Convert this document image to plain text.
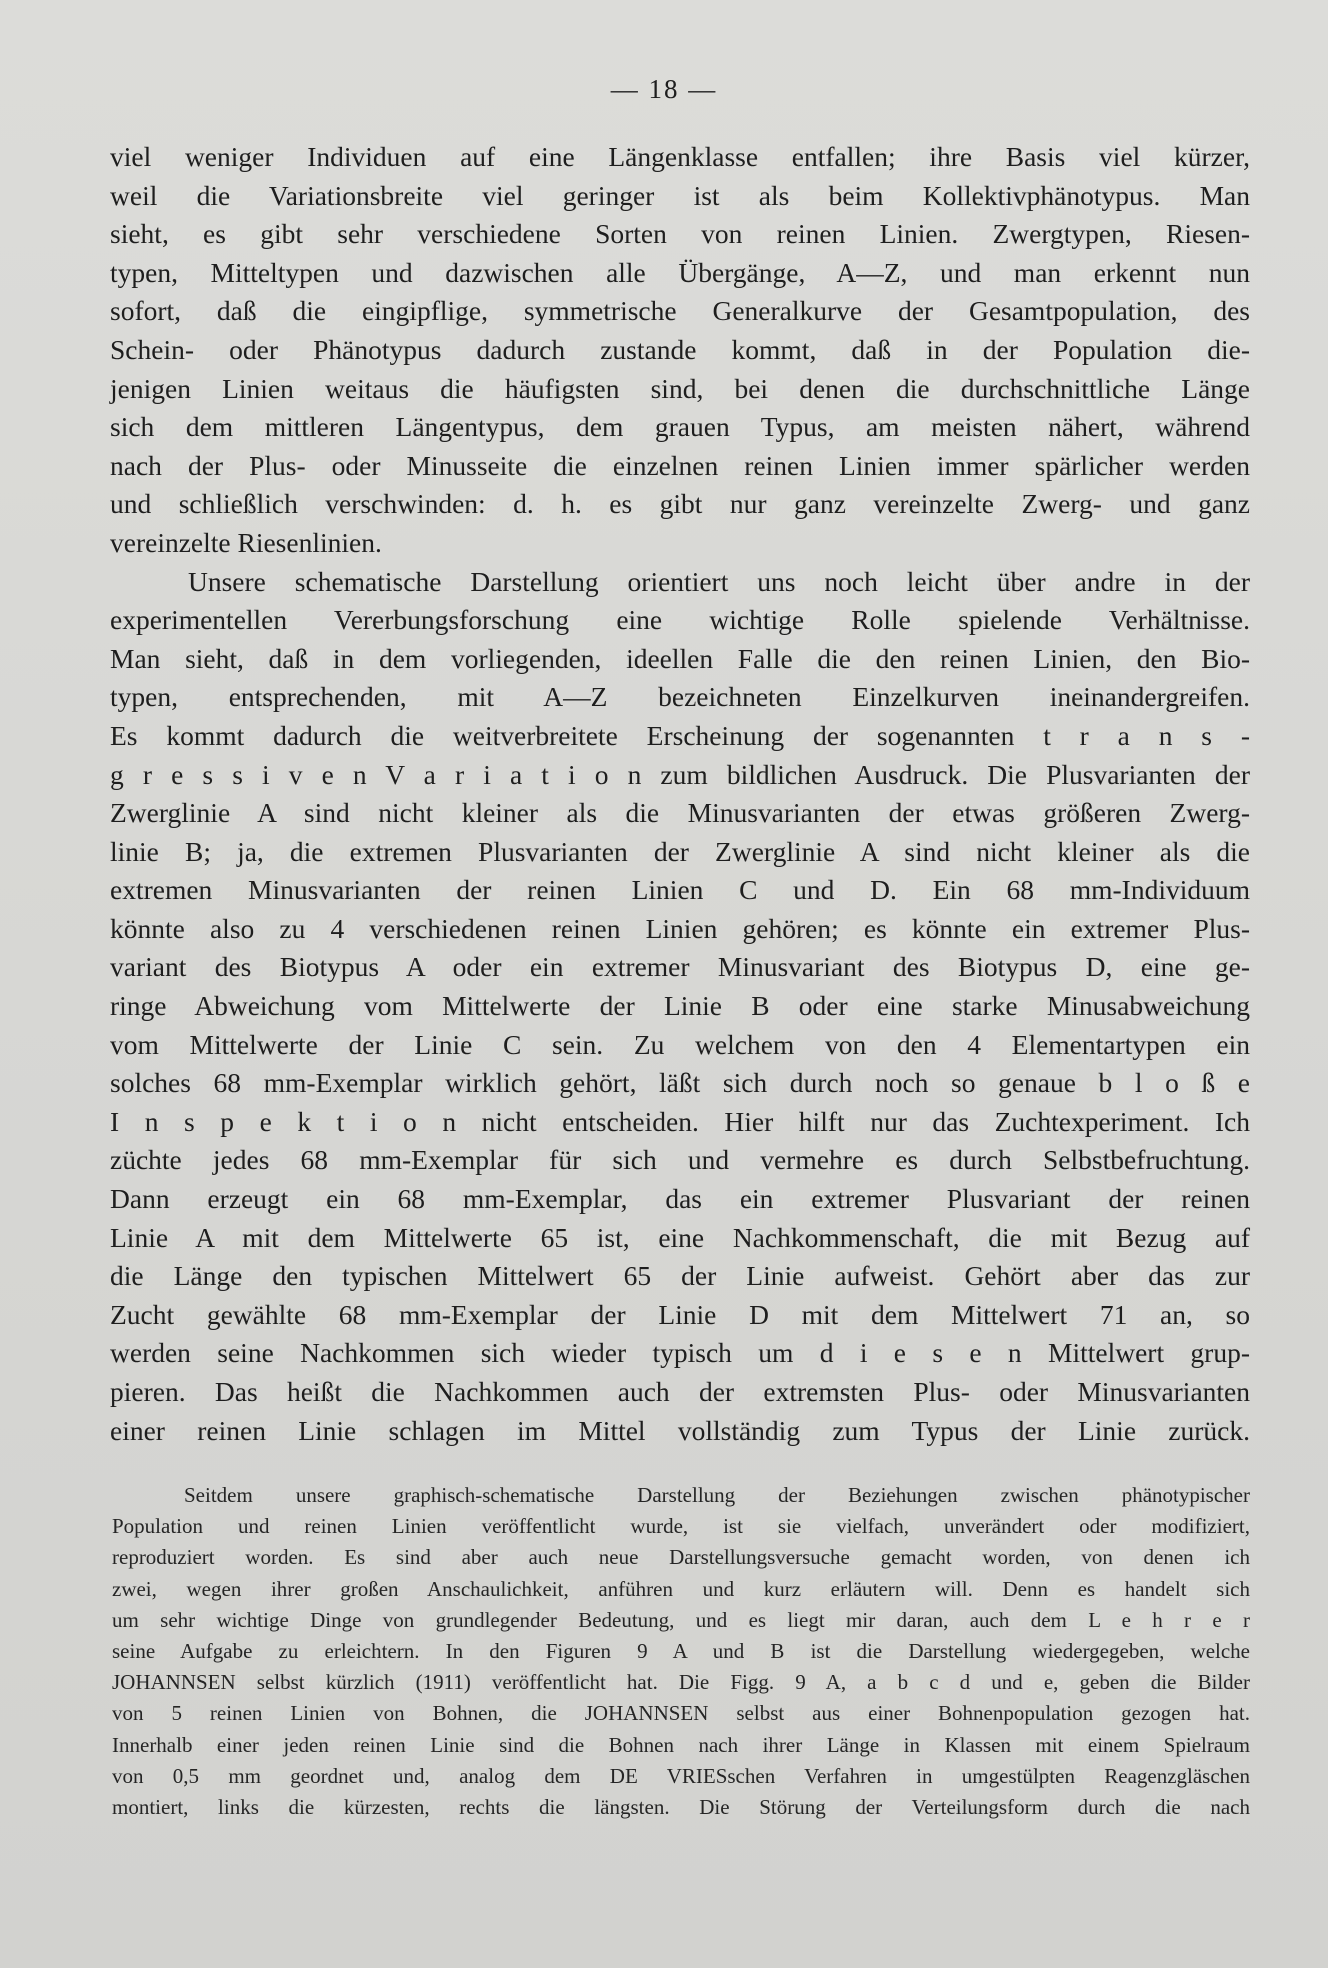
— 18 —
viel weniger Individuen auf eine Längenklasse entfallen; ihre Basis viel kürzer,
weil die Variationsbreite viel geringer ist als beim Kollektivphänotypus. Man
sieht, es gibt sehr verschiedene Sorten von reinen Linien. Zwergtypen, Riesen-
typen, Mitteltypen und dazwischen alle Übergänge, A—Z, und man erkennt nun
sofort, daß die eingipflige, symmetrische Generalkurve der Gesamtpopulation, des
Schein- oder Phänotypus dadurch zustande kommt, daß in der Population die-
jenigen Linien weitaus die häufigsten sind, bei denen die durchschnittliche Länge
sich dem mittleren Längentypus, dem grauen Typus, am meisten nähert, während
nach der Plus- oder Minusseite die einzelnen reinen Linien immer spärlicher werden
und schließlich verschwinden: d. h. es gibt nur ganz vereinzelte Zwerg- und ganz
vereinzelte Riesenlinien.
Unsere schematische Darstellung orientiert uns noch leicht über andre in der
experimentellen Vererbungsforschung eine wichtige Rolle spielende Verhältnisse.
Man sieht, daß in dem vorliegenden, ideellen Falle die den reinen Linien, den Bio-
typen, entsprechenden, mit A—Z bezeichneten Einzelkurven ineinandergreifen.
Es kommt dadurch die weitverbreitete Erscheinung der sogenannten t r a n s -
g r e s s i v e n V a r i a t i o n zum bildlichen Ausdruck. Die Plusvarianten der
Zwerglinie A sind nicht kleiner als die Minusvarianten der etwas größeren Zwerg-
linie B; ja, die extremen Plusvarianten der Zwerglinie A sind nicht kleiner als die
extremen Minusvarianten der reinen Linien C und D. Ein 68 mm-Individuum
könnte also zu 4 verschiedenen reinen Linien gehören; es könnte ein extremer Plus-
variant des Biotypus A oder ein extremer Minusvariant des Biotypus D, eine ge-
ringe Abweichung vom Mittelwerte der Linie B oder eine starke Minusabweichung
vom Mittelwerte der Linie C sein. Zu welchem von den 4 Elementartypen ein
solches 68 mm-Exemplar wirklich gehört, läßt sich durch noch so genaue b l o ß e
I n s p e k t i o n nicht entscheiden. Hier hilft nur das Zuchtexperiment. Ich
züchte jedes 68 mm-Exemplar für sich und vermehre es durch Selbstbefruchtung.
Dann erzeugt ein 68 mm-Exemplar, das ein extremer Plusvariant der reinen
Linie A mit dem Mittelwerte 65 ist, eine Nachkommenschaft, die mit Bezug auf
die Länge den typischen Mittelwert 65 der Linie aufweist. Gehört aber das zur
Zucht gewählte 68 mm-Exemplar der Linie D mit dem Mittelwert 71 an, so
werden seine Nachkommen sich wieder typisch um d i e s e n Mittelwert grup-
pieren. Das heißt die Nachkommen auch der extremsten Plus- oder Minusvarianten
einer reinen Linie schlagen im Mittel vollständig zum Typus der Linie zurück.
Seitdem unsere graphisch-schematische Darstellung der Beziehungen zwischen phänotypischer
Population und reinen Linien veröffentlicht wurde, ist sie vielfach, unverändert oder modifiziert,
reproduziert worden. Es sind aber auch neue Darstellungsversuche gemacht worden, von denen ich
zwei, wegen ihrer großen Anschaulichkeit, anführen und kurz erläutern will. Denn es handelt sich
um sehr wichtige Dinge von grundlegender Bedeutung, und es liegt mir daran, auch dem L e h r e r
seine Aufgabe zu erleichtern. In den Figuren 9 A und B ist die Darstellung wiedergegeben, welche
JOHANNSEN selbst kürzlich (1911) veröffentlicht hat. Die Figg. 9 A, a b c d und e, geben die Bilder
von 5 reinen Linien von Bohnen, die JOHANNSEN selbst aus einer Bohnenpopulation gezogen hat.
Innerhalb einer jeden reinen Linie sind die Bohnen nach ihrer Länge in Klassen mit einem Spielraum
von 0,5 mm geordnet und, analog dem DE VRIESschen Verfahren in umgestülpten Reagenzgläschen
montiert, links die kürzesten, rechts die längsten. Die Störung der Verteilungsform durch die nach
